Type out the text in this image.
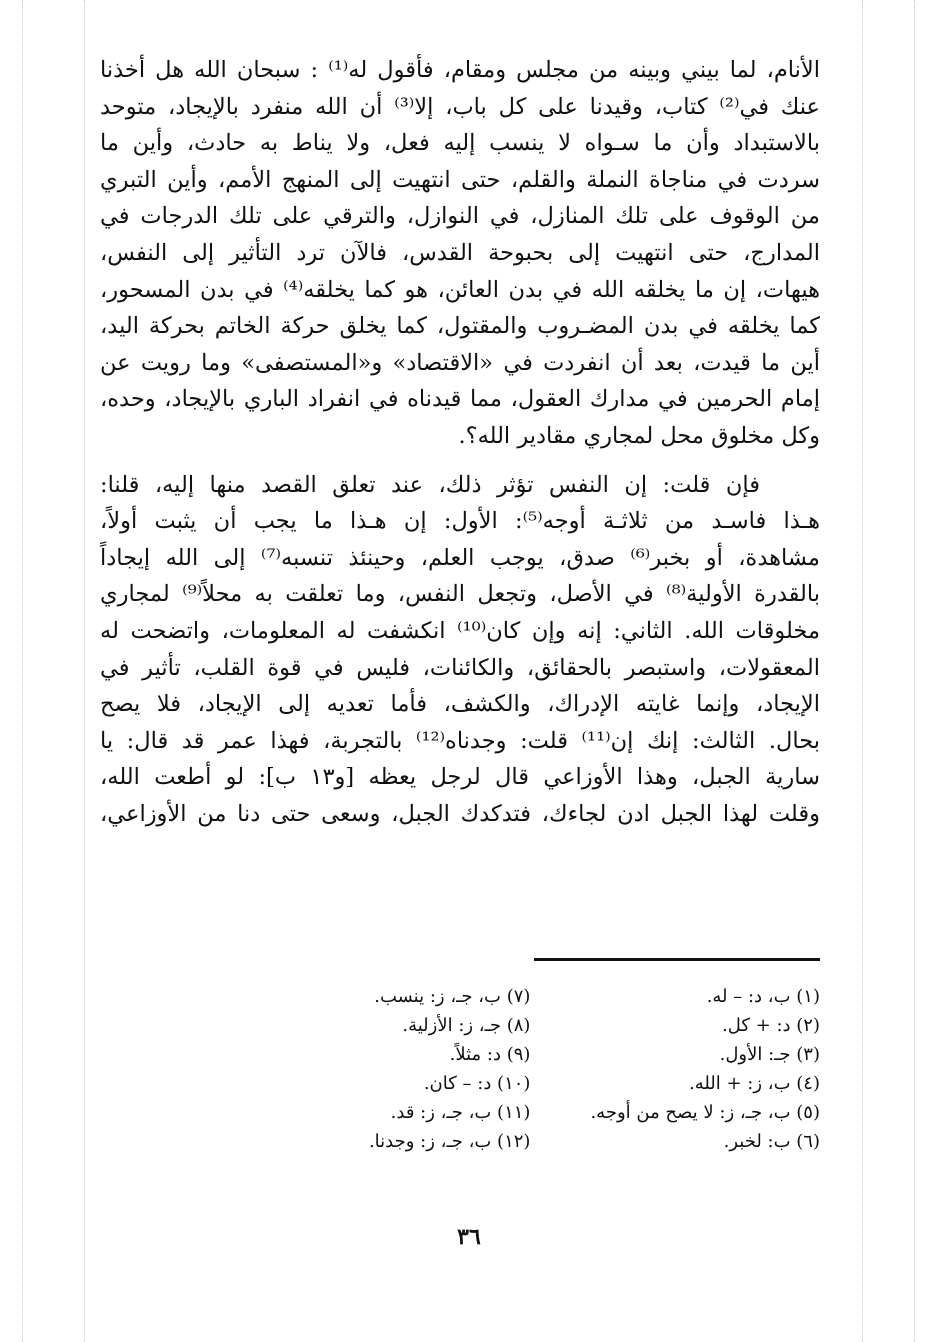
الأنام، لما بيني وبينه من مجلس ومقام، فأقول له⁽¹⁾ : سبحان الله هل أخذنا
عنك في⁽²⁾ كتاب، وقيدنا على كل باب، إلا⁽³⁾ أن الله منفرد بالإيجاد، متوحد
بالاستبداد وأن ما سـواه لا ينسب إليه فعل، ولا يناط به حادث، وأين ما
سردت في مناجاة النملة والقلم، حتى انتهيت إلى المنهج الأمم، وأين التبري
من الوقوف على تلك المنازل، في النوازل، والترقي على تلك الدرجات في
المدارج، حتى انتهيت إلى بحبوحة القدس، فالآن ترد التأثير إلى النفس،
هيهات، إن ما يخلقه الله في بدن العائن، هو كما يخلقه⁽⁴⁾ في بدن المسحور،
كما يخلقه في بدن المضـروب والمقتول، كما يخلق حركة الخاتم بحركة اليد،
أين ما قيدت، بعد أن انفردت في «الاقتصاد» و«المستصفى» وما رويت عن
إمام الحرمين في مدارك العقول، مما قيدناه في انفراد الباري بالإيجاد، وحده،
وكل مخلوق محل لمجاري مقادير الله؟.

فإن قلت: إن النفس تؤثر ذلك، عند تعلق القصد منها إليه، قلنا:
هـذا فاسـد من ثلاثـة أوجه⁽⁵⁾: الأول: إن هـذا ما يجب أن يثبت أولاً،
مشاهدة، أو بخبر⁽⁶⁾ صدق، يوجب العلم، وحينئذ تنسبه⁽⁷⁾ إلى الله إيجاداً
بالقدرة الأولية⁽⁸⁾ في الأصل، وتجعل النفس، وما تعلقت به محلاً⁽⁹⁾ لمجاري
مخلوقات الله. الثاني: إنه وإن كان⁽¹⁰⁾ انكشفت له المعلومات، واتضحت له
المعقولات، واستبصر بالحقائق، والكائنات، فليس في قوة القلب، تأثير في
الإيجاد، وإنما غايته الإدراك، والكشف، فأما تعديه إلى الإيجاد، فلا يصح
بحال. الثالث: إنك إن⁽¹¹⁾ قلت: وجدناه⁽¹²⁾ بالتجربة، فهذا عمر قد قال: يا
سارية الجبل، وهذا الأوزاعي قال لرجل يعظه [و١٣ ب]: لو أطعت الله،
وقلت لهذا الجبل ادن لجاءك، فتدكدك الجبل، وسعى حتى دنا من الأوزاعي،

(١) ب، د: – له.
(٢) د: + كل.
(٣) جـ: الأول.
(٤) ب، ز: + الله.
(٥) ب، جـ، ز: لا يصح من أوجه.
(٦) ب: لخبر.
(٧) ب، جـ، ز: ينسب.
(٨) جـ، ز: الأزلية.
(٩) د: مثلاً.
(١٠) د: – كان.
(١١) ب، جـ، ز: قد.
(١٢) ب، جـ، ز: وجدنا.
٣٦
